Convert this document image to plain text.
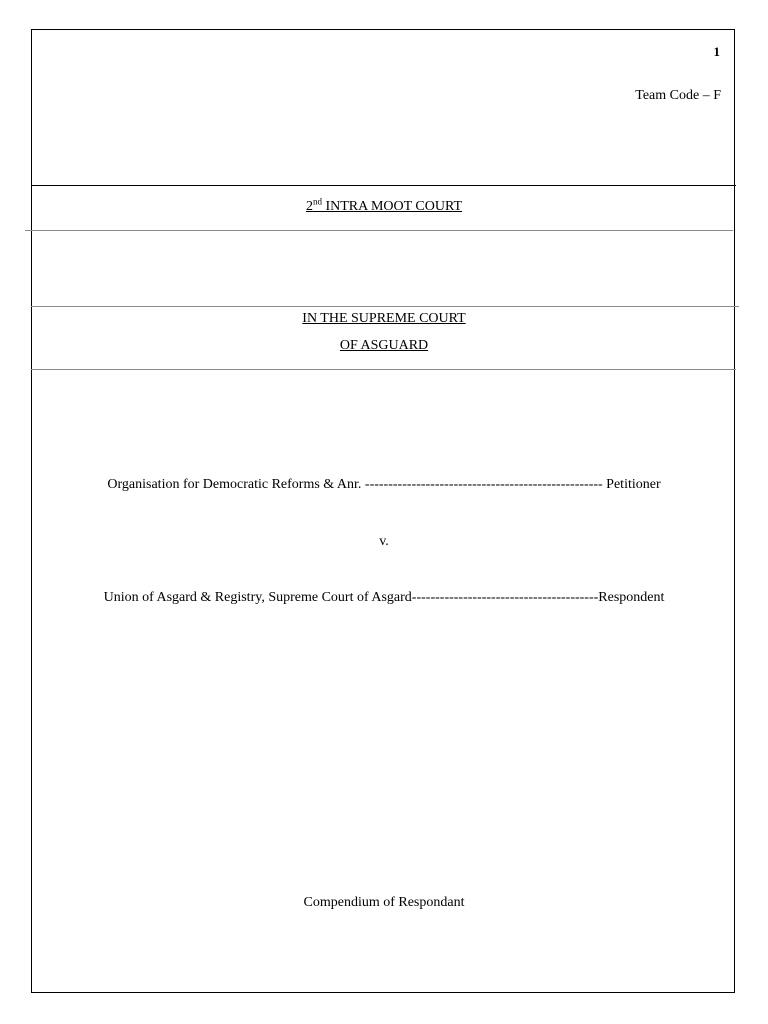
1
Team Code – F
2nd INTRA MOOT COURT
IN THE SUPREME COURT
OF ASGUARD
Organisation for Democratic Reforms & Anr. --------------------------------------------------- Petitioner
v.
Union of Asgard & Registry, Supreme Court of Asgard----------------------------------------Respondent
Compendium of Respondant
